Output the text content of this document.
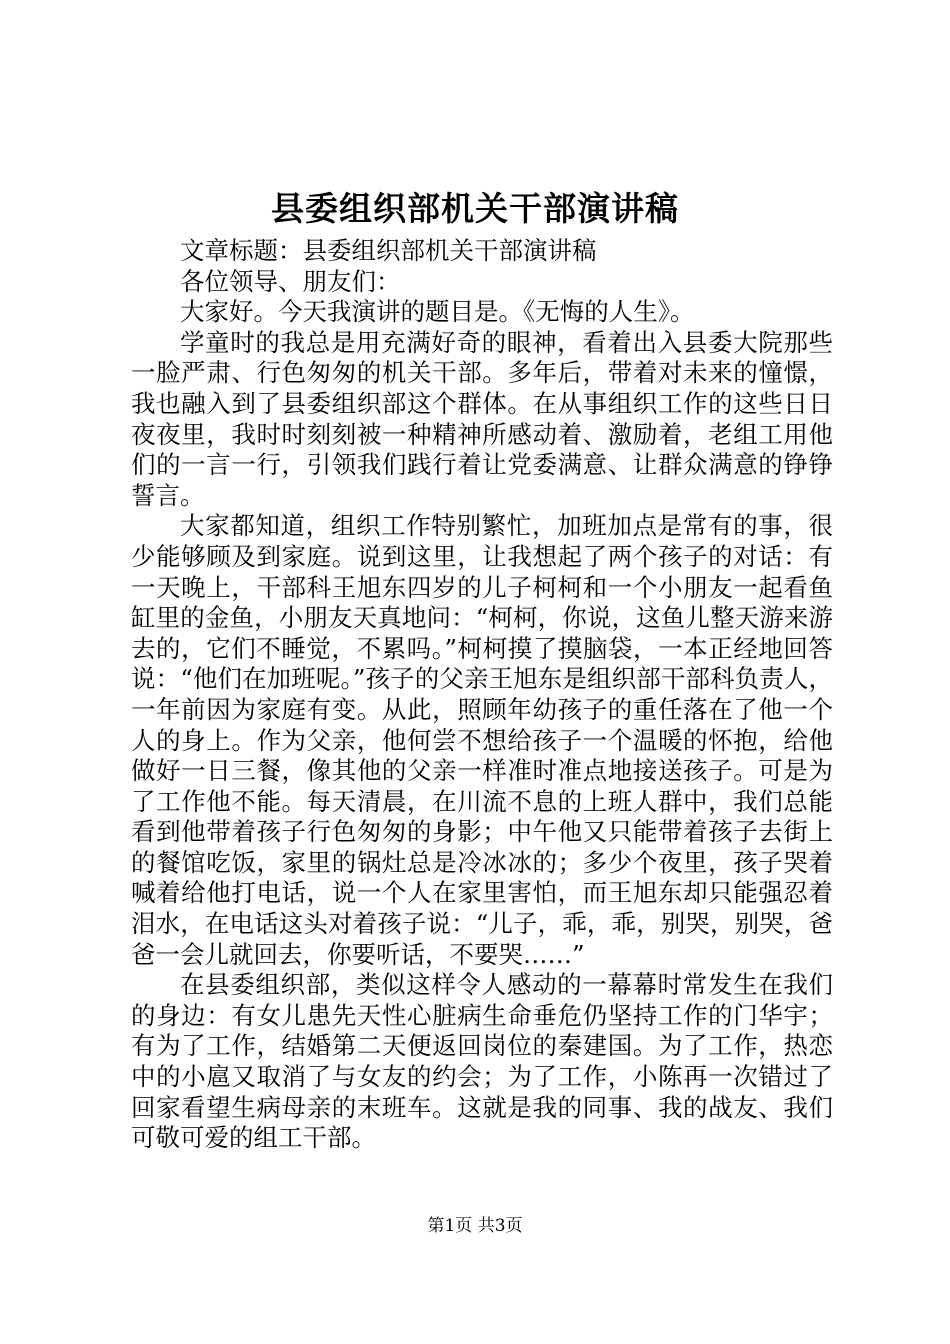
县委组织部机关干部演讲稿

文章标题：县委组织部机关干部演讲稿

各位领导、朋友们：

大家好。今天我演讲的题目是。《无悔的人生》。

学童时的我总是用充满好奇的眼神，看着出入县委大院那些一脸严肃、行色匆匆的机关干部。多年后，带着对未来的憧憬，我也融入到了县委组织部这个群体。在从事组织工作的这些日日夜夜里，我时时刻刻被一种精神所感动着、激励着，老组工用他们的一言一行，引领我们践行着让党委满意、让群众满意的铮铮誓言。

大家都知道，组织工作特别繁忙，加班加点是常有的事，很少能够顾及到家庭。说到这里，让我想起了两个孩子的对话：有一天晚上，干部科王旭东四岁的儿子柯柯和一个小朋友一起看鱼缸里的金鱼，小朋友天真地问：“柯柯，你说，这鱼儿整天游来游去的，它们不睡觉，不累吗。”柯柯摸了摸脑袋，一本正经地回答说：“他们在加班呢。”孩子的父亲王旭东是组织部干部科负责人，一年前因为家庭有变。从此，照顾年幼孩子的重任落在了他一个人的身上。作为父亲，他何尝不想给孩子一个温暖的怀抱，给他做好一日三餐，像其他的父亲一样准时准点地接送孩子。可是为了工作他不能。每天清晨，在川流不息的上班人群中，我们总能看到他带着孩子行色匆匆的身影；中午他又只能带着孩子去街上的餐馆吃饭，家里的锅灶总是冷冰冰的；多少个夜里，孩子哭着喊着给他打电话，说一个人在家里害怕，而王旭东却只能强忍着泪水，在电话这头对着孩子说：“儿子，乖，乖，别哭，别哭，爸爸一会儿就回去，你要听话，不要哭……”

在县委组织部，类似这样令人感动的一幕幕时常发生在我们的身边：有女儿患先天性心脏病生命垂危仍坚持工作的门华宇；有为了工作，结婚第二天便返回岗位的秦建国。为了工作，热恋中的小扈又取消了与女友的约会；为了工作，小陈再一次错过了回家看望生病母亲的末班车。这就是我的同事、我的战友、我们可敬可爱的组工干部。

第1页 共3页
